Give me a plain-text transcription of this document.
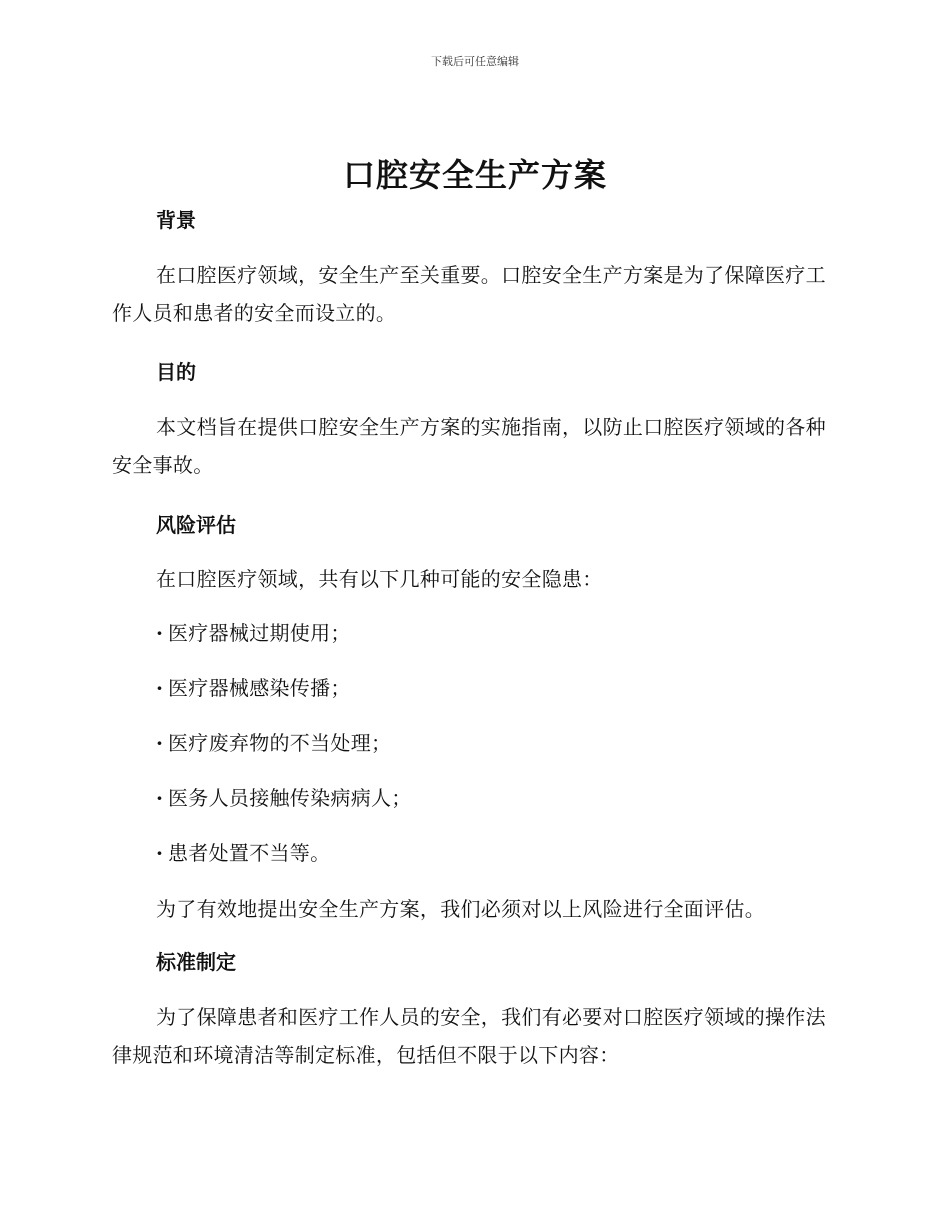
下载后可任意编辑
口腔安全生产方案
背景

在口腔医疗领域，安全生产至关重要。口腔安全生产方案是为了保障医疗工作人员和患者的安全而设立的。

目的

本文档旨在提供口腔安全生产方案的实施指南，以防止口腔医疗领域的各种安全事故。

风险评估

在口腔医疗领域，共有以下几种可能的安全隐患：

· 医疗器械过期使用；

· 医疗器械感染传播；

· 医疗废弃物的不当处理；

· 医务人员接触传染病病人；

· 患者处置不当等。

为了有效地提出安全生产方案，我们必须对以上风险进行全面评估。

标准制定

为了保障患者和医疗工作人员的安全，我们有必要对口腔医疗领域的操作法律规范和环境清洁等制定标准，包括但不限于以下内容：
